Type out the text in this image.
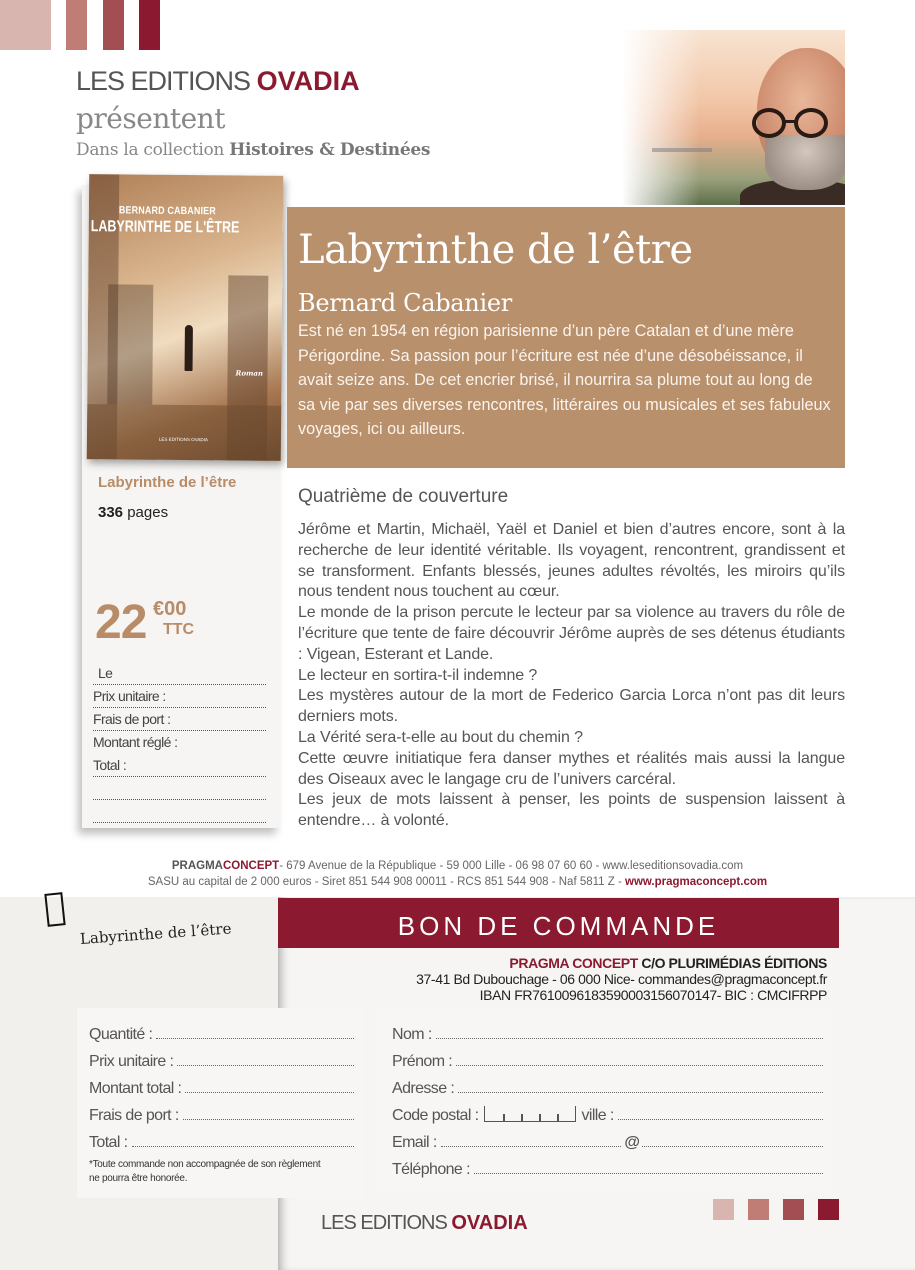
LES EDITIONS OVADIA
présentent
Dans la collection Histoires & Destinées
BERNARD CABANIER
LABYRINTHE DE L'ÊTRE
Roman
LES EDITIONS OVADIA
Labyrinthe de l’être
336 pages
22 €00
TTC
Le
Prix unitaire :
Frais de port :
Montant réglé :
Total :
Labyrinthe de l’être
Bernard Cabanier
Est né en 1954 en région parisienne d’un père Catalan et d’une mère Périgordine. Sa passion pour l’écriture est née d’une désobéissance, il avait seize ans. De cet encrier brisé, il nourrira sa plume tout au long de sa vie par ses diverses rencontres, littéraires ou musicales et ses fabuleux voyages, ici ou ailleurs.
Quatrième de couverture

Jérôme et Martin, Michaël, Yaël et Daniel et bien d’autres encore, sont à la recherche de leur identité véritable. Ils voyagent, rencontrent, grandissent et se transforment. Enfants blessés, jeunes adultes révoltés, les miroirs qu’ils nous tendent nous touchent au cœur.

Le monde de la prison percute le lecteur par sa violence au travers du rôle de l’écriture que tente de faire découvrir Jérôme auprès de ses détenus étudiants : Vigean, Esterant et Lande.

Le lecteur en sortira-t-il indemne ?

Les mystères autour de la mort de Federico Garcia Lorca n’ont pas dit leurs derniers mots.

La Vérité sera-t-elle au bout du chemin ?

Cette œuvre initiatique fera danser mythes et réalités mais aussi la langue des Oiseaux avec le langage cru de l’univers carcéral.

Les jeux de mots laissent à penser, les points de suspension laissent à entendre… à volonté.

PRAGMACONCEPT- 679 Avenue de la République - 59 000 Lille - 06 98 07 60 60 - www.leseditionsovadia.com
SASU au capital de 2 000 euros - Siret 851 544 908 00011 - RCS 851 544 908 - Naf 5811 Z - www.pragmaconcept.com
Labyrinthe de l’être	BON DE COMMANDE
PRAGMA CONCEPT C/O PLURIMÉDIAS ÉDITIONS
37-41 Bd Dubouchage - 06 000 Nice- commandes@pragmaconcept.fr
IBAN FR7610096183590003156070147- BIC : CMCIFRPP
Quantité :
Prix unitaire :
Montant total :
Frais de port :
Total :
*Toute commande non accompagnée de son règlement
ne pourra être honorée.
Nom :
Prénom :
Adresse :
Code postal :	ville :
Email :	@
Téléphone :
LES EDITIONS OVADIA
